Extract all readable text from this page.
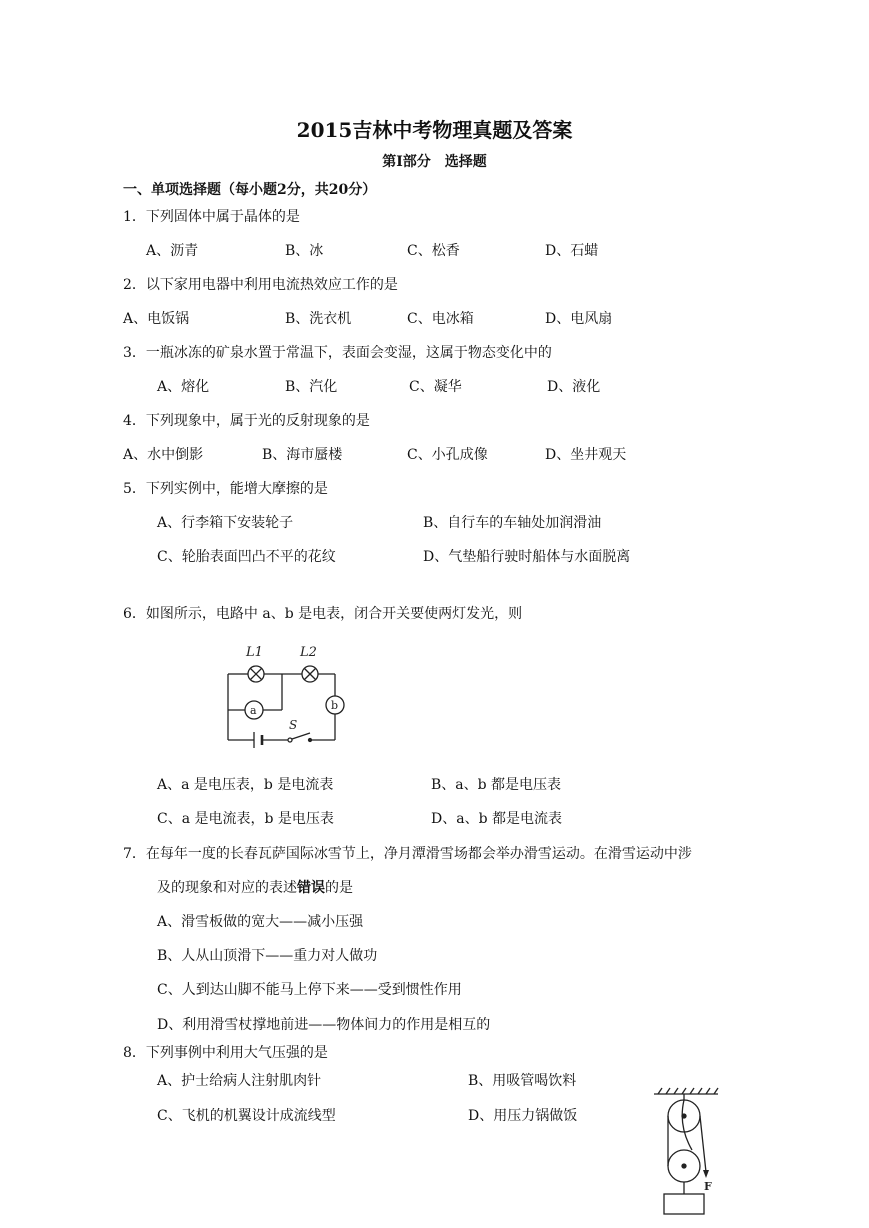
2015吉林中考物理真题及答案
第Ⅰ部分　选择题
一、单项选择题（每小题2分，共20分）
1．下列固体中属于晶体的是
A、沥青	B、冰	C、松香	D、石蜡
2．以下家用电器中利用电流热效应工作的是
A、电饭锅	B、洗衣机	C、电冰箱	D、电风扇
3．一瓶冰冻的矿泉水置于常温下，表面会变湿，这属于物态变化中的
A、熔化	B、汽化	C、凝华	D、液化
4．下列现象中，属于光的反射现象的是
A、水中倒影	B、海市蜃楼	C、小孔成像	D、坐井观天
5．下列实例中，能增大摩擦的是
A、行李箱下安装轮子	B、自行车的车轴处加润滑油
C、轮胎表面凹凸不平的花纹	D、气垫船行驶时船体与水面脱离
6．如图所示，电路中 a、b 是电表，闭合开关要使两灯发光，则
L1	L2
a	b
S
A、a 是电压表，b 是电流表	B、a、b 都是电压表
C、a 是电流表，b 是电压表	D、a、b 都是电流表
7．在每年一度的长春瓦萨国际冰雪节上，净月潭滑雪场都会举办滑雪运动。在滑雪运动中涉
及的现象和对应的表述错误的是
A、滑雪板做的宽大——减小压强
B、人从山顶滑下——重力对人做功
C、人到达山脚不能马上停下来——受到惯性作用
D、利用滑雪杖撑地前进——物体间力的作用是相互的
8．下列事例中利用大气压强的是
A、护士给病人注射肌肉针	B、用吸管喝饮料
C、飞机的机翼设计成流线型	D、用压力锅做饭
F
